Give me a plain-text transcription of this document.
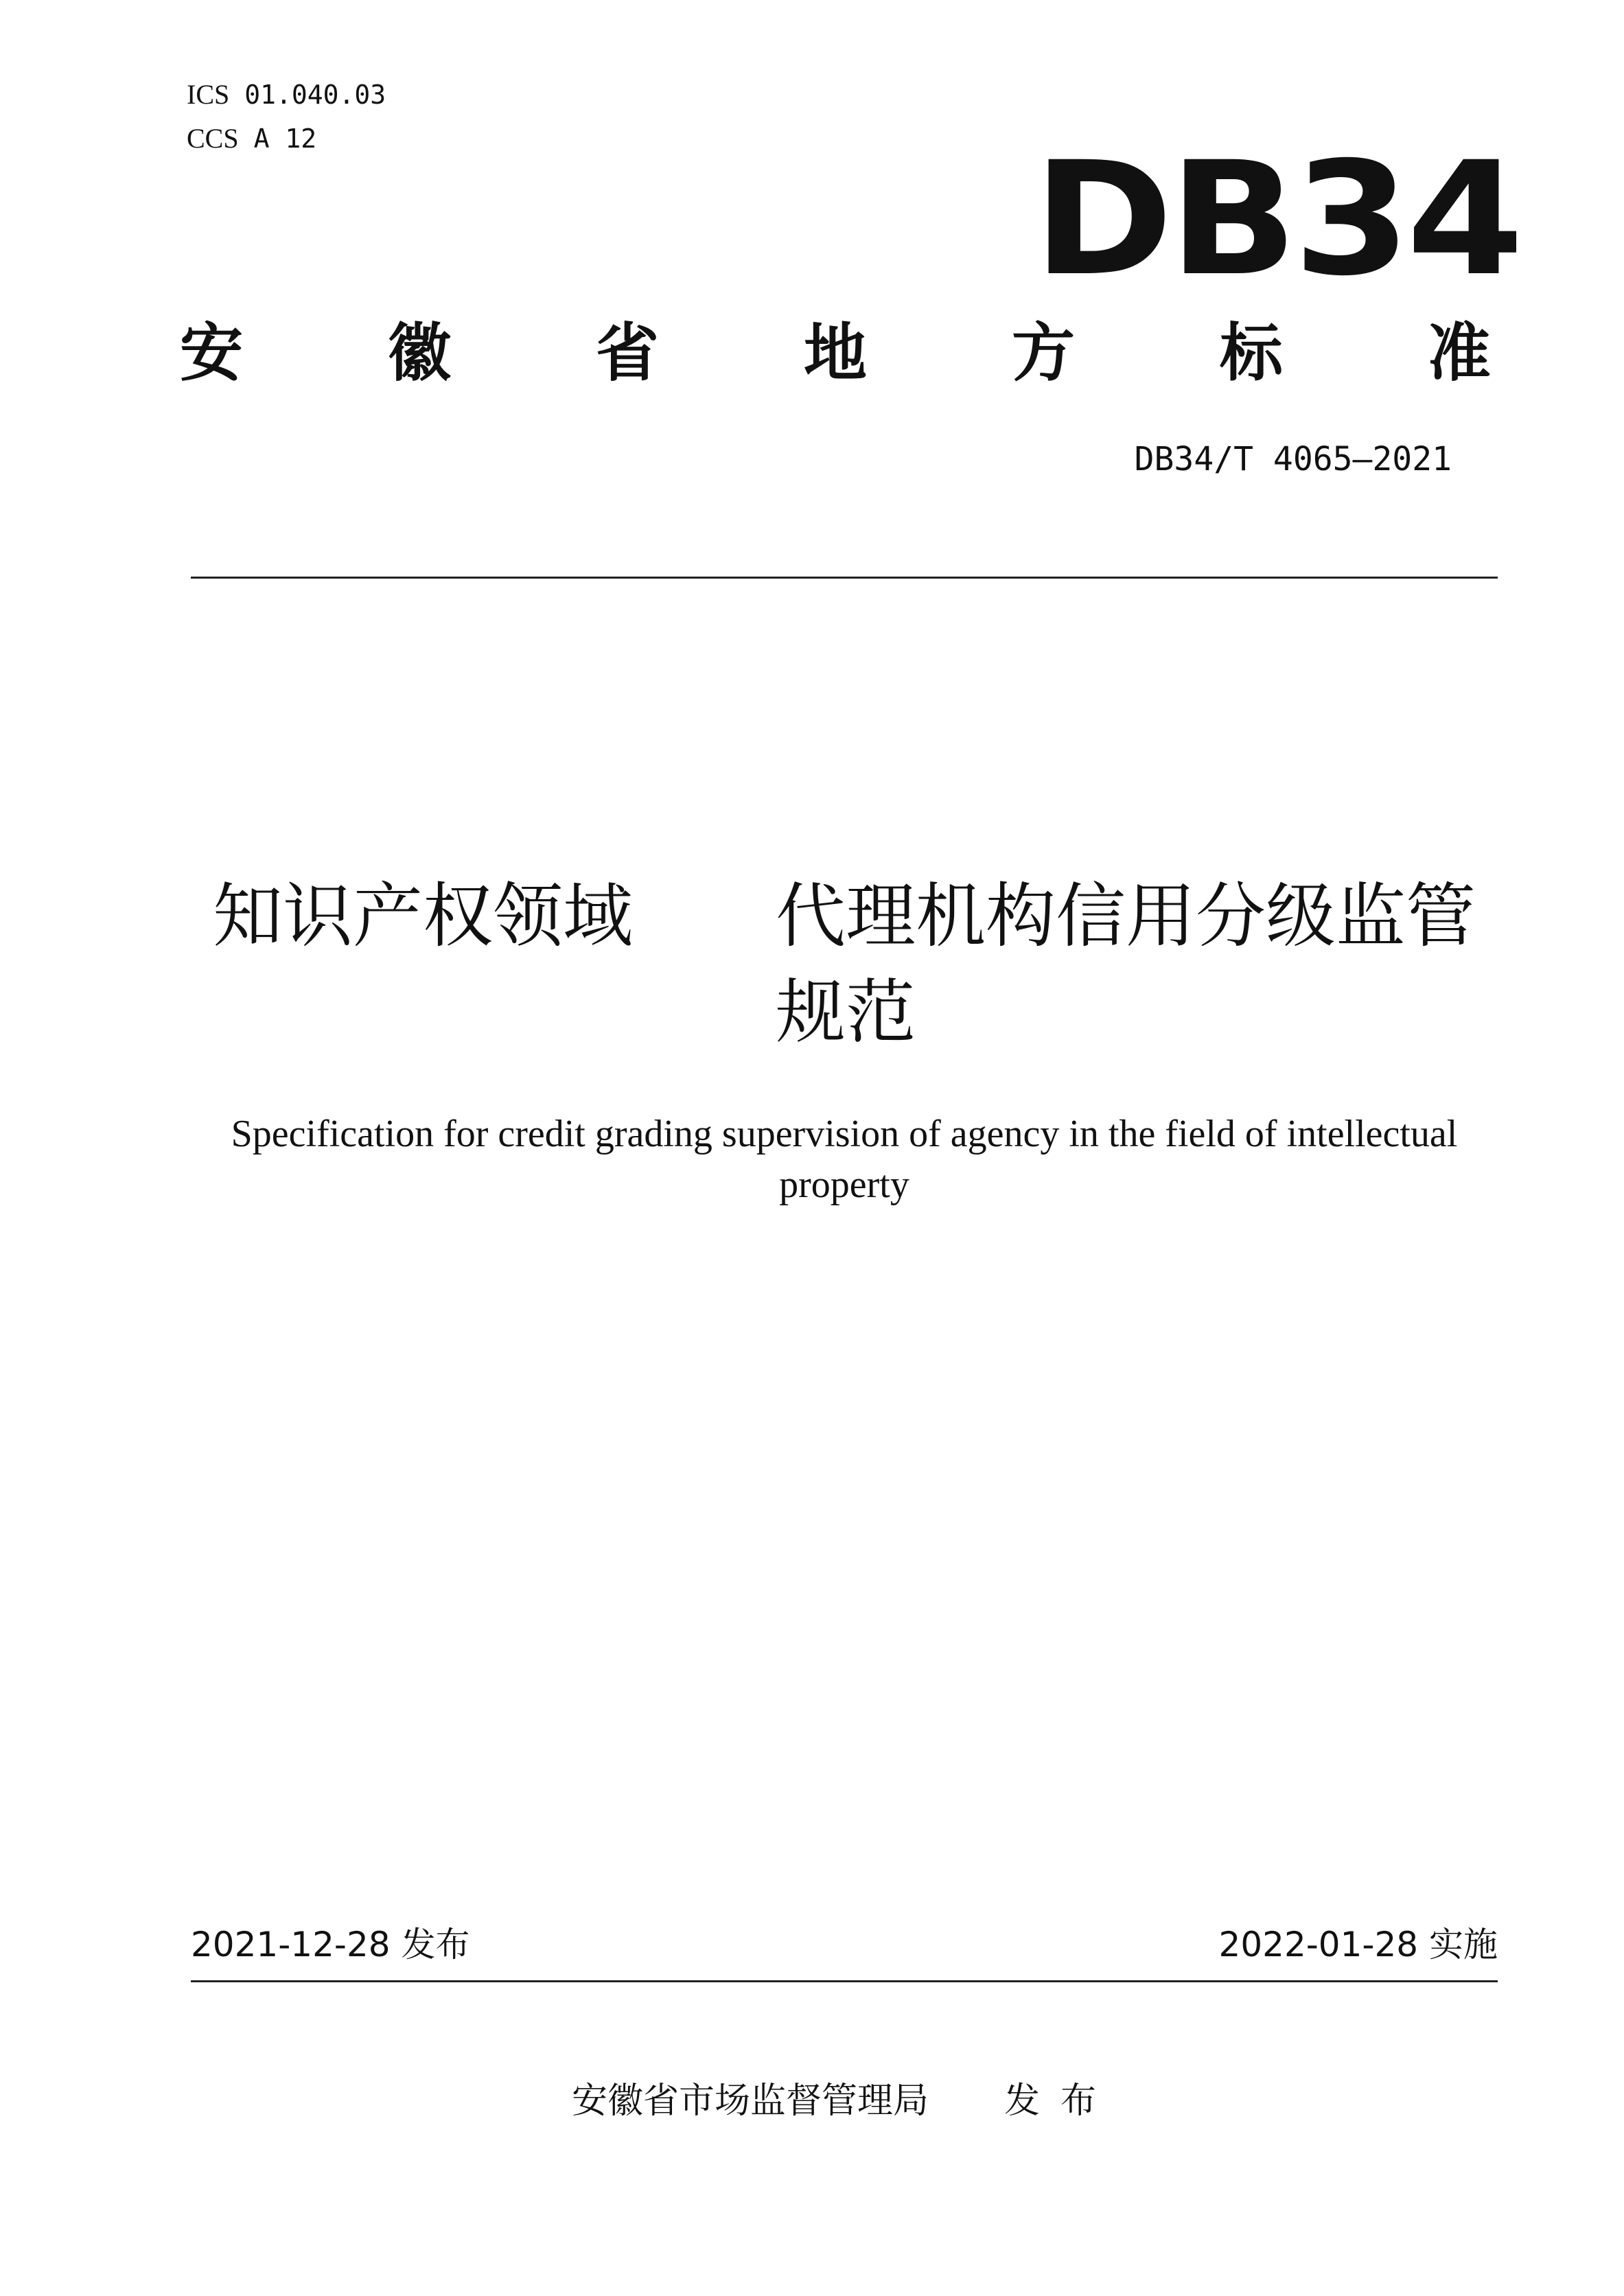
ICS 01.040.03
CCS A 12	DB34
安 徽 省 地 方 标 准
DB34/T 4065—2021
知识产权领域 代理机构信用分级监管
规范
Specification for credit grading supervision of agency in the field of intellectual property
2021-12-28 发布	2022-01-28 实施
安徽省市场监督管理局 发布
